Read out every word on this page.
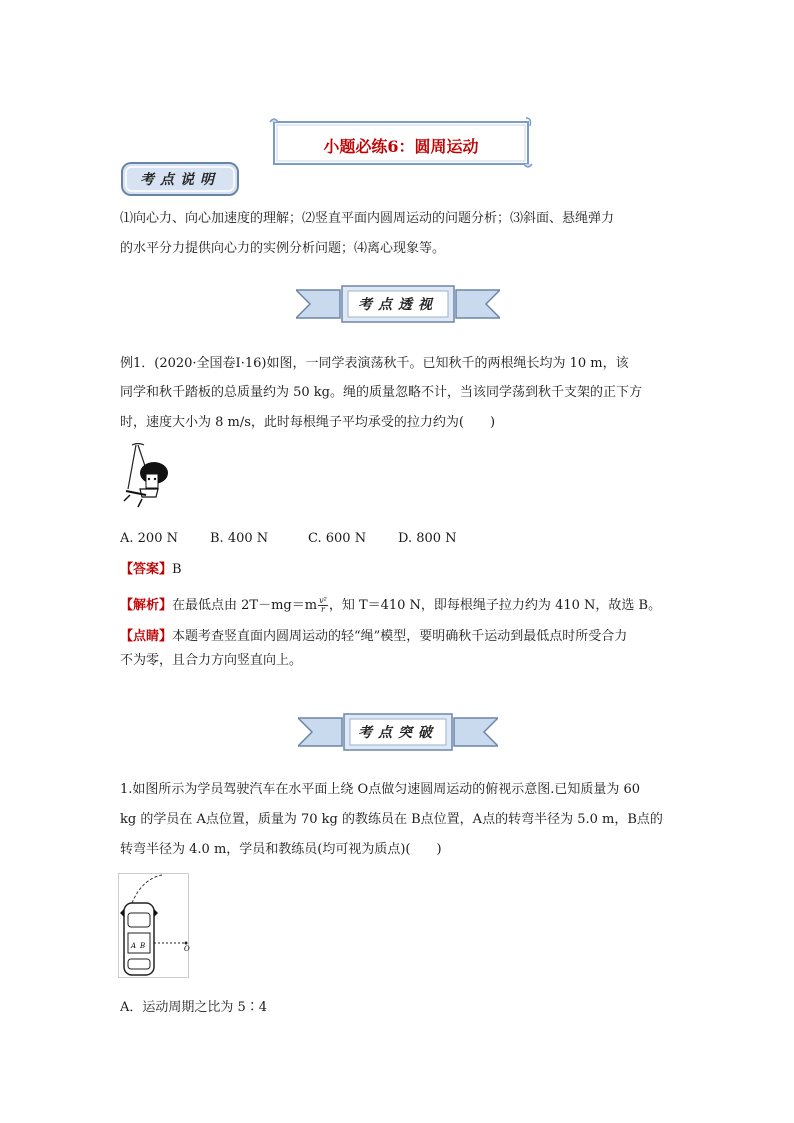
小题必练6：圆周运动
考点说明

⑴向心力、向心加速度的理解；⑵竖直平面内圆周运动的问题分析；⑶斜面、悬绳弹力

的水平分力提供向心力的实例分析问题；⑷离心现象等。

考点透视

例1．(2020·全国卷Ⅰ·16)如图，一同学表演荡秋千。已知秋千的两根绳长均为 10 m，该

同学和秋千踏板的总质量约为 50 kg。绳的质量忽略不计，当该同学荡到秋千支架的正下方

时，速度大小为 8 m/s，此时每根绳子平均承受的拉力约为(　　)

A. 200 N B. 400 N	C. 600 N D. 800 N
【答案】B
【解析】在最低点由 $2T-mg=m \frac{\text{v²}}{r}$ ，知 T＝410 N，即每根绳子拉力约为 410 N，故选 B。
【点睛】本题考查竖直面内圆周运动的轻“绳”模型，要明确秋千运动到最低点时所受合力

不为零，且合力方向竖直向上。

考点突破

1.如图所示为学员驾驶汽车在水平面上绕 O点做匀速圆周运动的俯视示意图.已知质量为 60

kg 的学员在 A点位置，质量为 70 kg 的教练员在 B点位置，A点的转弯半径为 5.0 m，B点的

转弯半径为 4.0 m，学员和教练员(均可视为质点)(　　)

A B	O

A．运动周期之比为 5∶4
